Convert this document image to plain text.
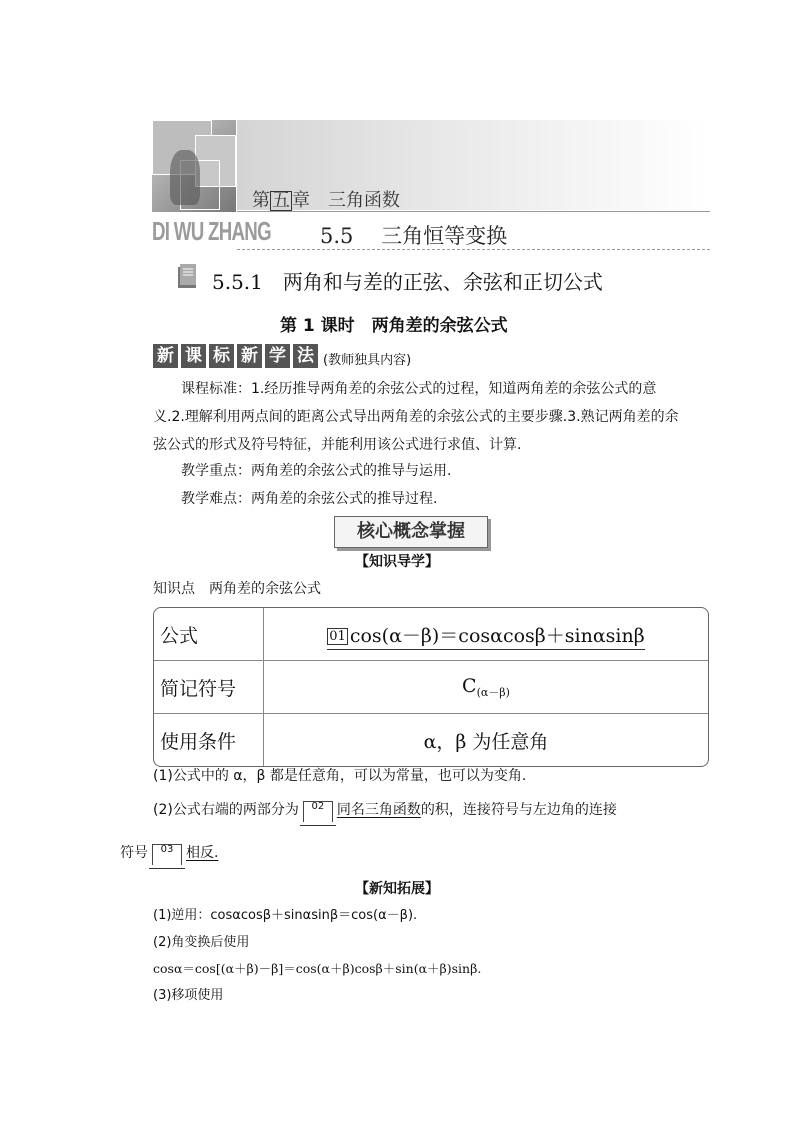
第 五 章 三角函数
DI WU ZHANG 5.5　 三角恒等变换
5.5.1　两角和与差的正弦、余弦和正切公式
第 1 课时　两角差的余弦公式
新 课 标 新 学 法 (教师独具内容)
课程标准：1.经历推导两角差的余弦公式的过程，知道两角差的余弦公式的意义.2.理解利用两点间的距离公式导出两角差的余弦公式的主要步骤.3.熟记两角差的余弦公式的形式及符号特征，并能利用该公式进行求值、计算.
教学重点：两角差的余弦公式的推导与运用.
教学难点：两角差的余弦公式的推导过程.
核心概念掌握
【知识导学】
知识点　两角差的余弦公式
公式	01 cos(α－β)＝cosαcosβ＋sinαsinβ
简记符号	$C_{(\alpha-\beta)}$
使用条件	α，β 为任意角
(1)公式中的 α，β 都是任意角，可以为常量，也可以为变角.
(2)公式右端的两部分为 02 同名三角函数的积，连接符号与左边角的连接
符号 03 相反.
【新知拓展】
(1)逆用：cosαcosβ＋sinαsinβ＝cos(α－β).
(2)角变换后使用
cosα＝cos[(α＋β)－β]＝cos(α＋β)cosβ＋sin(α＋β)sinβ.
(3)移项使用
